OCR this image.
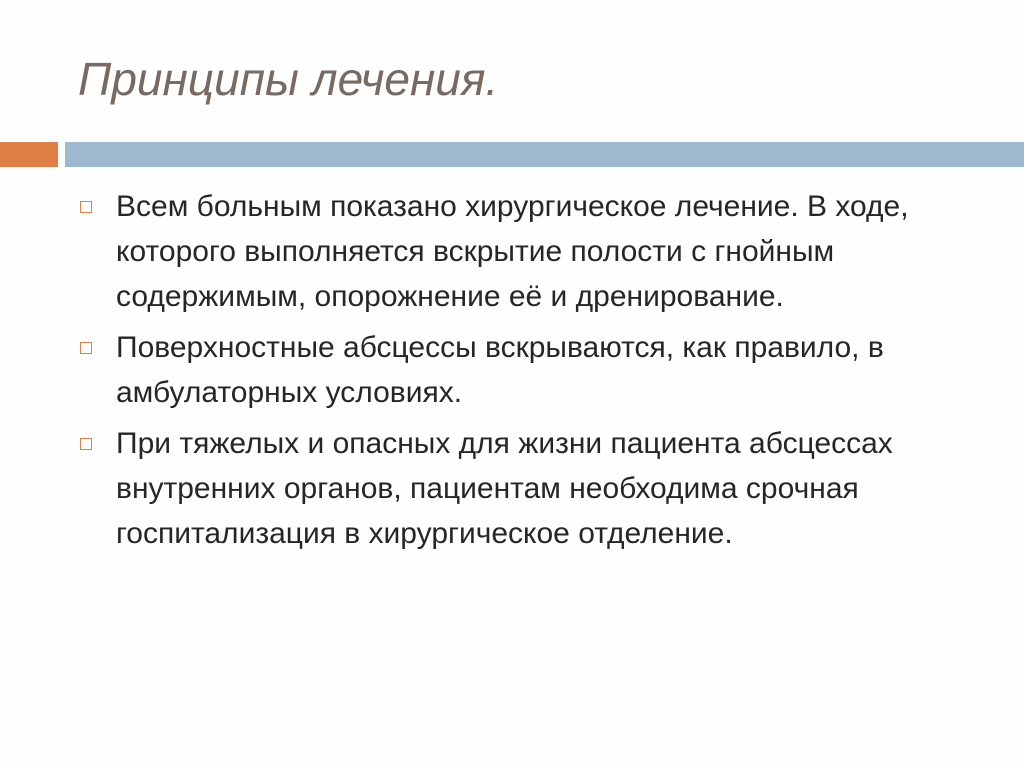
Принципы лечения.
Всем больным показано хирургическое лечение. В ходе, которого выполняется вскрытие полости с гнойным содержимым, опорожнение её и дренирование.
Поверхностные абсцессы вскрываются, как правило, в амбулаторных условиях.
При тяжелых и опасных для жизни пациента абсцессах внутренних органов, пациентам необходима срочная госпитализация в хирургическое отделение.
